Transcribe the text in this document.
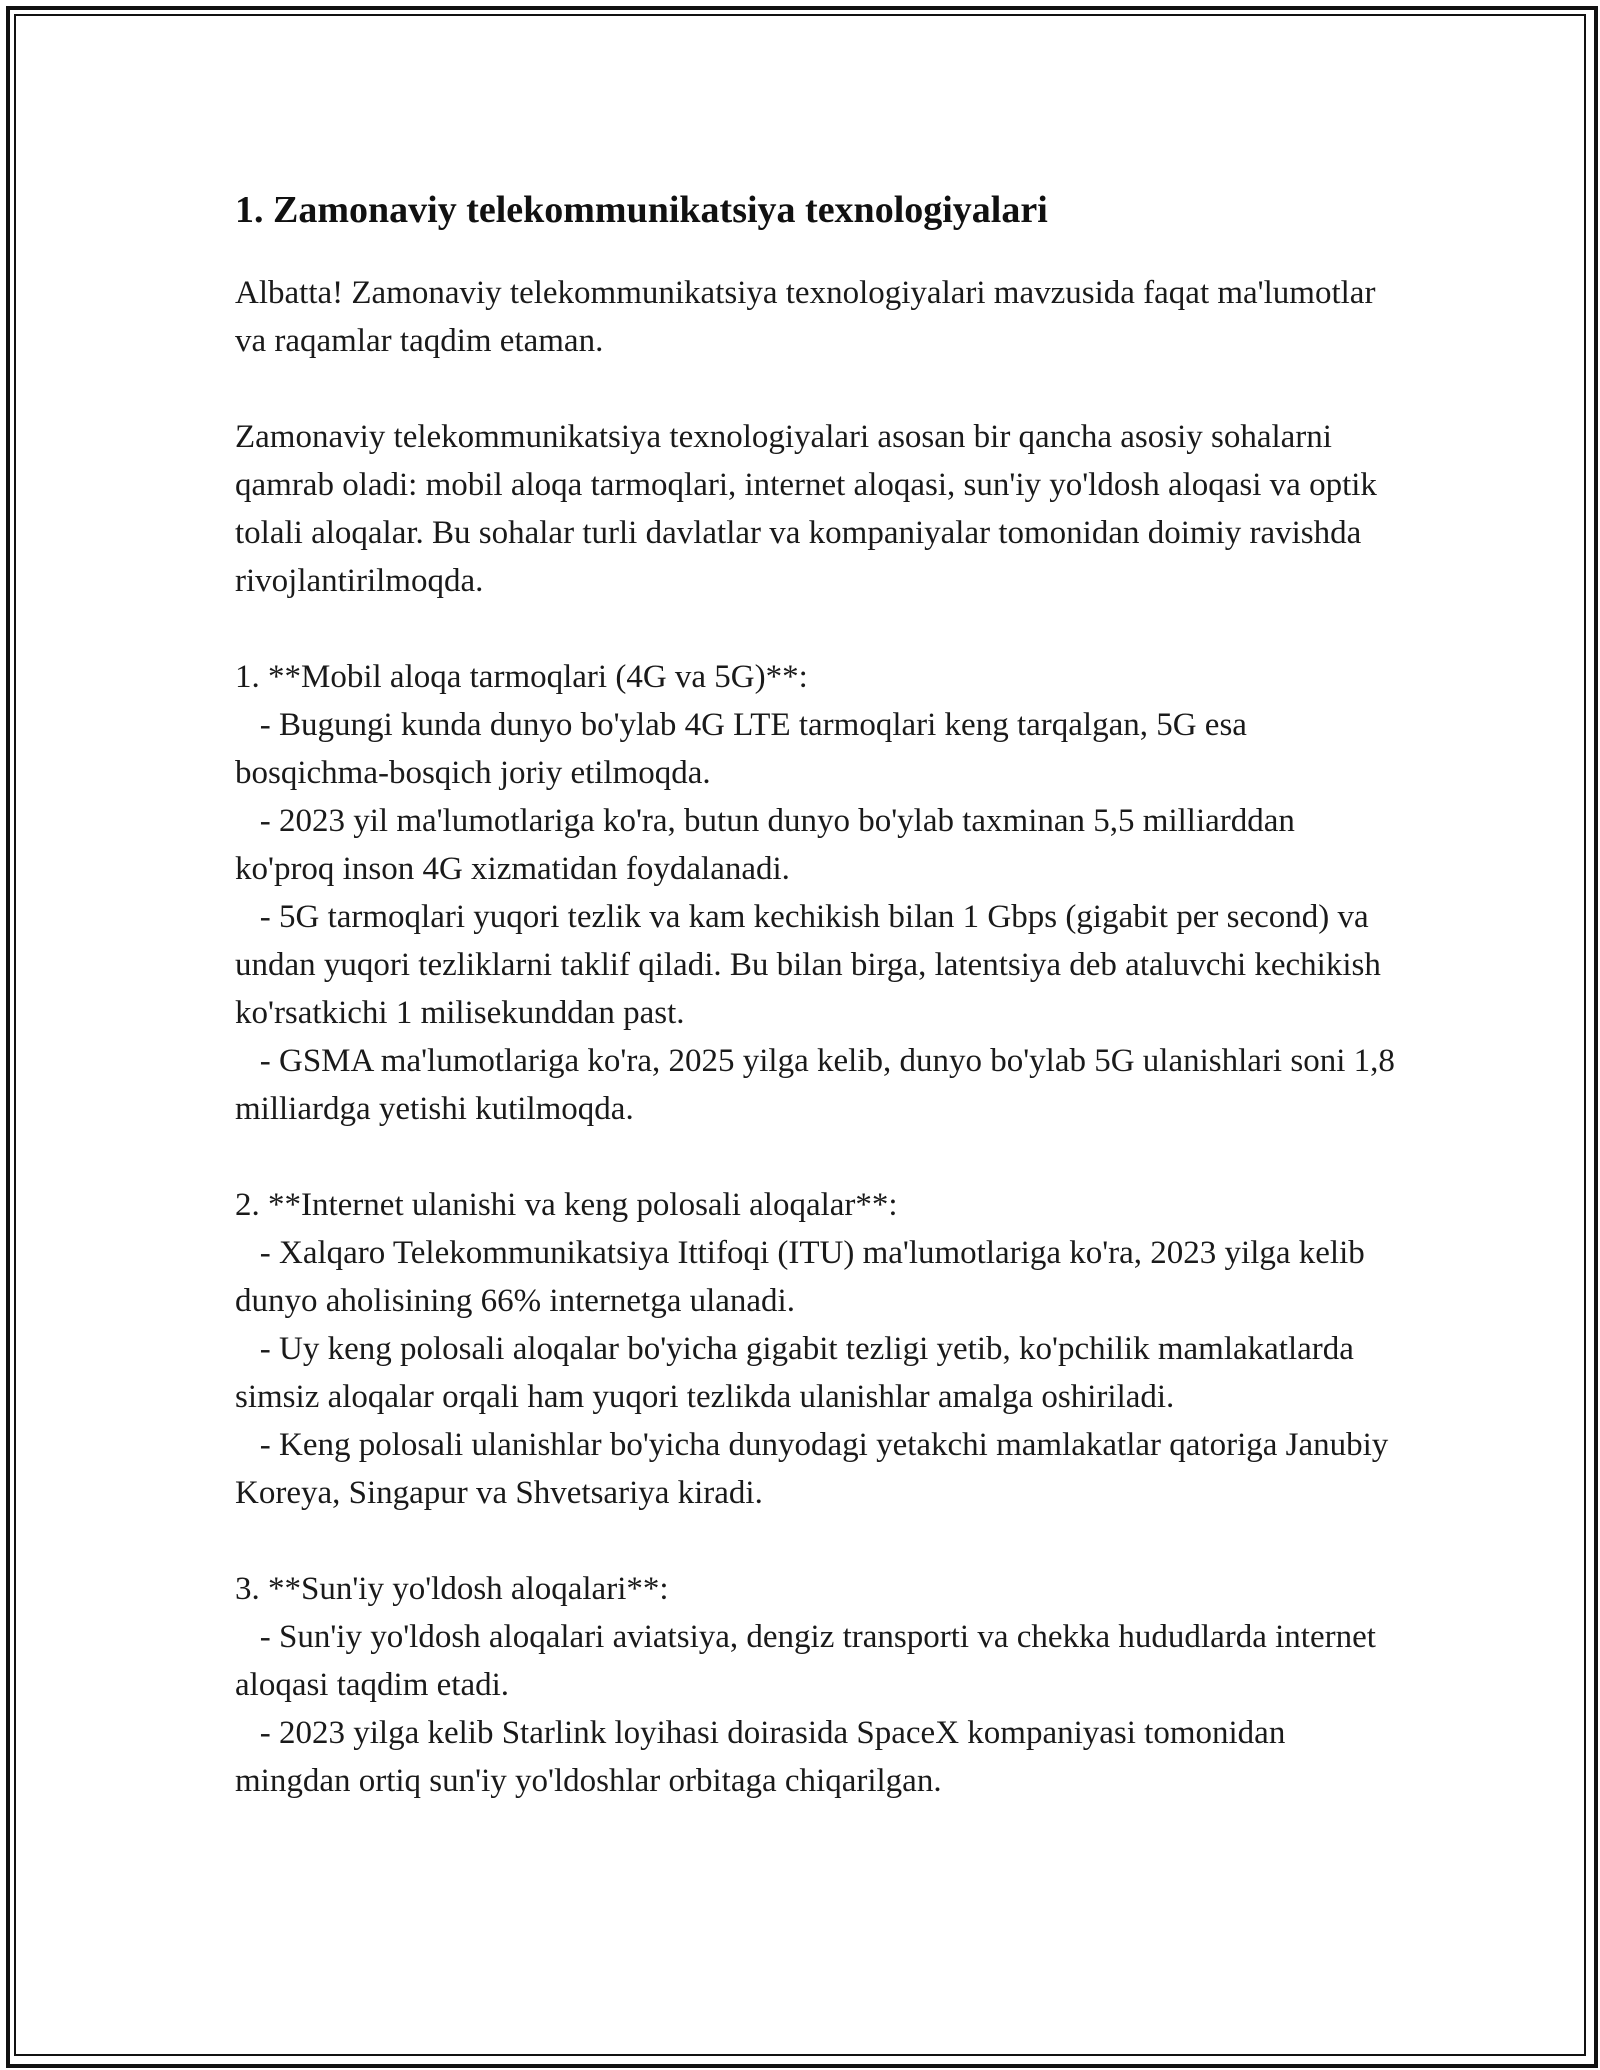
1. Zamonaviy telekommunikatsiya texnologiyalari

Albatta! Zamonaviy telekommunikatsiya texnologiyalari mavzusida faqat ma'lumotlar va raqamlar taqdim etaman.

Zamonaviy telekommunikatsiya texnologiyalari asosan bir qancha asosiy sohalarni qamrab oladi: mobil aloqa tarmoqlari, internet aloqasi, sun'iy yo'ldosh aloqasi va optik tolali aloqalar. Bu sohalar turli davlatlar va kompaniyalar tomonidan doimiy ravishda rivojlantirilmoqda.

1. **Mobil aloqa tarmoqlari (4G va 5G)**:

- Bugungi kunda dunyo bo'ylab 4G LTE tarmoqlari keng tarqalgan, 5G esa bosqichma-bosqich joriy etilmoqda.

- 2023 yil ma'lumotlariga ko'ra, butun dunyo bo'ylab taxminan 5,5 milliarddan ko'proq inson 4G xizmatidan foydalanadi.

- 5G tarmoqlari yuqori tezlik va kam kechikish bilan 1 Gbps (gigabit per second) va undan yuqori tezliklarni taklif qiladi. Bu bilan birga, latentsiya deb ataluvchi kechikish ko'rsatkichi 1 milisekunddan past.

- GSMA ma'lumotlariga ko'ra, 2025 yilga kelib, dunyo bo'ylab 5G ulanishlari soni 1,8 milliardga yetishi kutilmoqda.

2. **Internet ulanishi va keng polosali aloqalar**:

- Xalqaro Telekommunikatsiya Ittifoqi (ITU) ma'lumotlariga ko'ra, 2023 yilga kelib dunyo aholisining 66% internetga ulanadi.

- Uy keng polosali aloqalar bo'yicha gigabit tezligi yetib, ko'pchilik mamlakatlarda simsiz aloqalar orqali ham yuqori tezlikda ulanishlar amalga oshiriladi.

- Keng polosali ulanishlar bo'yicha dunyodagi yetakchi mamlakatlar qatoriga Janubiy Koreya, Singapur va Shvetsariya kiradi.

3. **Sun'iy yo'ldosh aloqalari**:

- Sun'iy yo'ldosh aloqalari aviatsiya, dengiz transporti va chekka hududlarda internet aloqasi taqdim etadi.

- 2023 yilga kelib Starlink loyihasi doirasida SpaceX kompaniyasi tomonidan mingdan ortiq sun'iy yo'ldoshlar orbitaga chiqarilgan.
